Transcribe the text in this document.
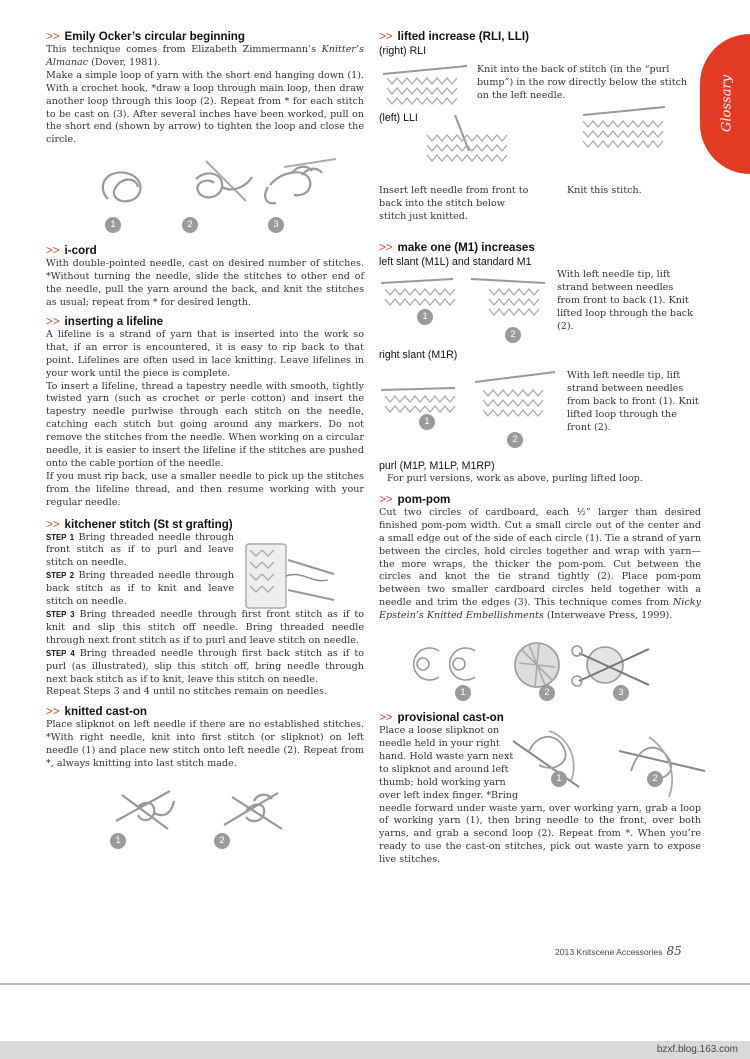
Glossary
>> Emily Ocker’s circular beginning

This technique comes from Elizabeth Zimmermann’s Knitter’s Almanac (Dover, 1981).

Make a simple loop of yarn with the short end hanging down (1). With a crochet hook, *draw a loop through main loop, then draw another loop through this loop (2). Repeat from * for each stitch to be cast on (3). After several inches have been worked, pull on the short end (shown by arrow) to tighten the loop and close the circle.

1	2	3
>> i-cord

With double-pointed needle, cast on desired number of stitches. *Without turning the needle, slide the stitches to other end of the needle, pull the yarn around the back, and knit the stitches as usual; repeat from * for desired length.

>> inserting a lifeline

A lifeline is a strand of yarn that is inserted into the work so that, if an error is encountered, it is easy to rip back to that point. Lifelines are often used in lace knitting. Leave lifelines in your work until the piece is complete.

To insert a lifeline, thread a tapestry needle with smooth, tightly twisted yarn (such as crochet or perle cotton) and insert the tapestry needle purlwise through each stitch on the needle, catching each stitch but going around any markers. Do not remove the stitches from the needle. When working on a circular needle, it is easier to insert the lifeline if the stitches are pushed onto the cable portion of the needle.

If you must rip back, use a smaller needle to pick up the stitches from the lifeline thread, and then resume working with your regular needle.

>> kitchener stitch (St st grafting)

STEP 1 Bring threaded needle through front stitch as if to purl and leave stitch on needle.

STEP 2 Bring threaded needle through back stitch as if to knit and leave stitch on needle.

STEP 3 Bring threaded needle through first front stitch as if to knit and slip this stitch off needle. Bring threaded needle through next front stitch as if to purl and leave stitch on needle.

STEP 4 Bring threaded needle through first back stitch as if to purl (as illustrated), slip this stitch off, bring needle through next back stitch as if to knit, leave this stitch on needle.

Repeat Steps 3 and 4 until no stitches remain on needles.

>> knitted cast-on

Place slipknot on left needle if there are no established stitches. *With right needle, knit into first stitch (or slipknot) on left needle (1) and place new stitch onto left needle (2). Repeat from *, always knitting into last stitch made.

1	2
>> lifted increase (RLI, LLI)
(right) RLI

Knit into the back of stitch (in the “purl bump”) in the row directly below the stitch on the left needle.

(left) LLI

Insert left needle from front to back into the stitch below stitch just knitted.

Knit this stitch.

>> make one (M1) increases
left slant (M1L) and standard M1
1
2

With left needle tip, lift strand between needles from front to back (1). Knit lifted loop through the back (2).

right slant (M1R)
1
2

With left needle tip, lift strand between needles from back to front (1). Knit lifted loop through the front (2).

purl (M1P, M1LP, M1RP)

For purl versions, work as above, purling lifted loop.

>> pom-pom

Cut two circles of cardboard, each ½” larger than desired finished pom-pom width. Cut a small circle out of the center and a small edge out of the side of each circle (1). Tie a strand of yarn between the circles, hold circles together and wrap with yarn—the more wraps, the thicker the pom-pom. Cut between the circles and knot the tie strand tightly (2). Place pom-pom between two smaller cardboard circles held together with a needle and trim the edges (3). This technique comes from Nicky Epstein’s Knitted Embellishments (Interweave Press, 1999).

1	2	3
>> provisional cast-on
1	2

Place a loose slipknot on needle held in your right hand. Hold waste yarn next to slipknot and around left thumb; hold working yarn over left index finger. *Bring

needle forward under waste yarn, over working yarn, grab a loop of working yarn (1), then bring needle to the front, over both yarns, and grab a second loop (2). Repeat from *. When you’re ready to use the cast-on stitches, pick out waste yarn to expose live stitches.

2013 Knitscene Accessories 85
bzxf.blog.163.com
